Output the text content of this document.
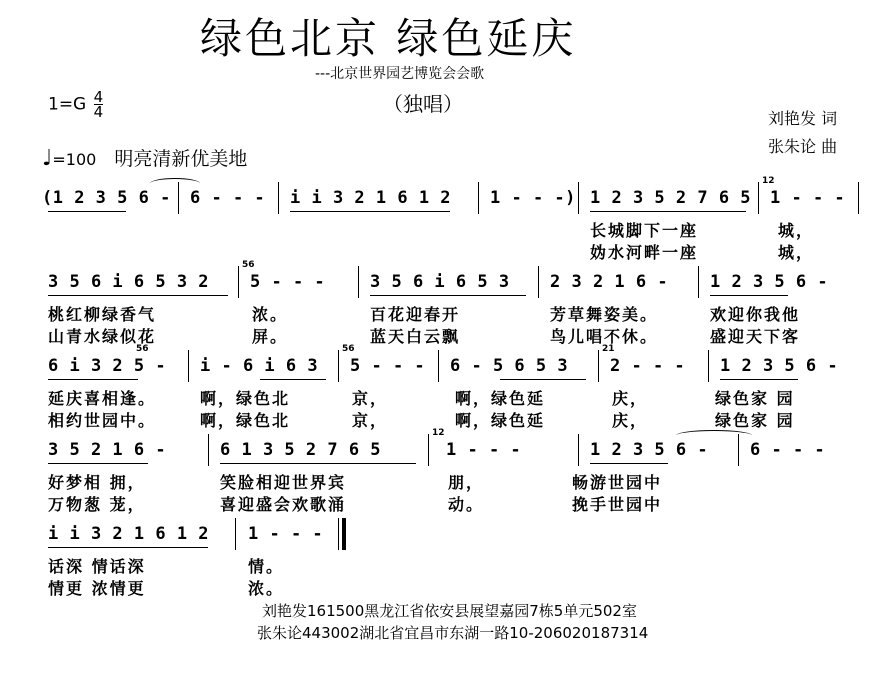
绿色北京 绿色延庆
---北京世界园艺博览会会歌
（独唱）
$1=G \frac{4}{4}$	刘艳发 词
张朱论 曲
♩=100 明亮清新优美地
(1 2 3 5 6 - 6 - - - i i 3 2 1 6 1 2 1 - - -) 1 2 3 5 2 7 6 5 1 - - -
12
长城脚下一座	城，
妫水河畔一座	城，
3 5 6 i 6 5 3 2 5 - - -	3 5 6 i 6 5 3 2 3 2 1 6 - 1 2 3 5 6 -
56
桃红柳绿香气	浓。	百花迎春开	芳草舞姿美。	欢迎你我他
山青水绿似花	屏。	蓝天白云飘	鸟儿唱不休。	盛迎天下客
6 i 3 2 5 - i - 6 i 6 3 5 - - - 6 - 5 6 5 3 2 - - - 1 2 3 5 6 -
56	56	21
延庆喜相逢。	啊，绿色北	京，	啊，绿色延	庆，	绿色家 园
相约世园中。	啊，绿色北	京，	啊，绿色延	庆，	绿色家 园
3 5 2 1 6 -	6 1 3 5 2 7 6 5	1 - - -	1 2 3 5 6 - 6 - - -
12
好梦相 拥，	笑脸相迎世界宾	朋，	畅游世园中
万物葱 茏，	喜迎盛会欢歌涌	动。	挽手世园中
i i 3 2 1 6 1 2 1 - - -
话深 情话深	情。
情更 浓情更	浓。
刘艳发161500黑龙江省依安县展望嘉园7栋5单元502室
张朱论443002湖北省宜昌市东湖一路10-206020187314
